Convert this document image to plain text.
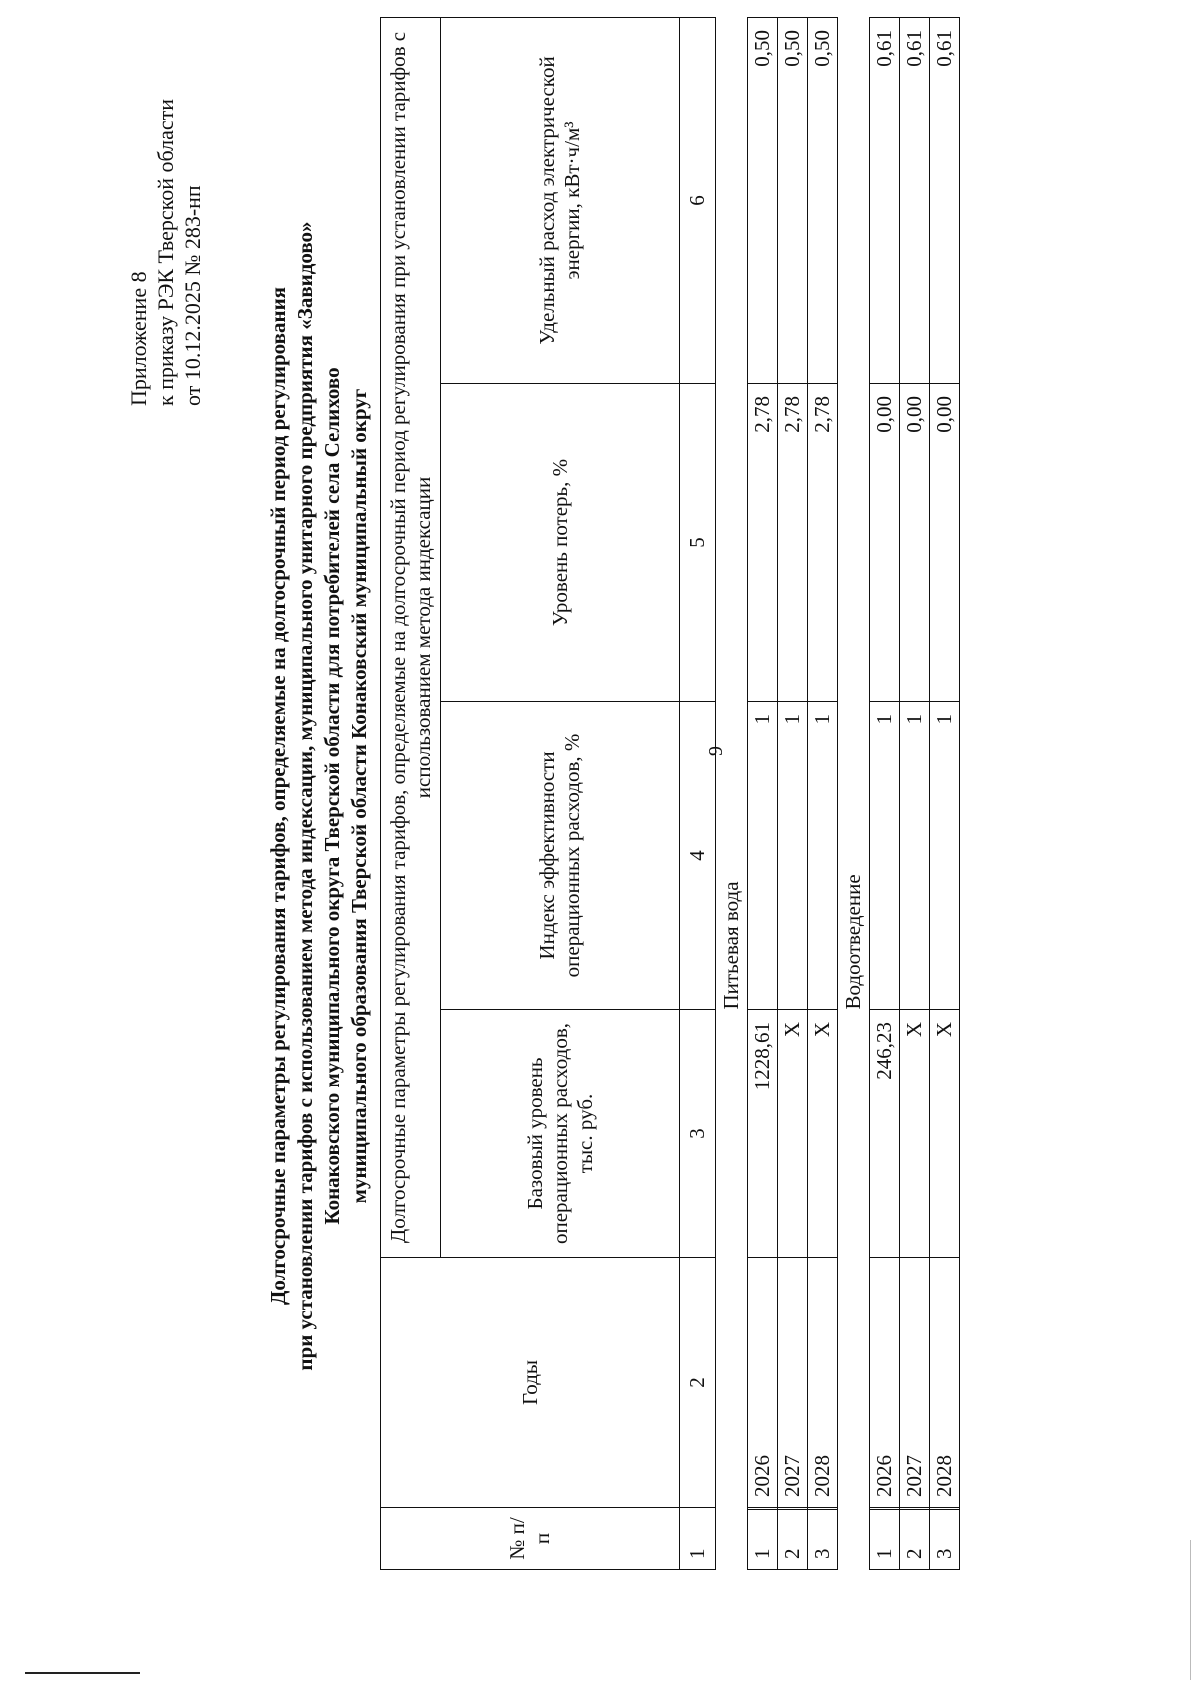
9
Приложение 8 к приказу РЭК Тверской области от 10.12.2025 № 283-нп	Долгосрочные параметры регулирования тарифов, определяемые на долгосрочный период регулирования при установлении тарифов с использованием метода индексации, муниципального унитарного предприятия «Завидово» Конаковского муниципального округа Тверской области для потребителей села Селихово муниципального образования Тверской области Конаковский муниципальный округ
№ п/п		Годы	Долгосрочные параметры регулирования тарифов, определяемые на долгосрочный период регулирования при установлении тарифов с использованием метода индексации			
			Базовый уровень операционных расходов, тыс. руб.	Индекс эффективности операционных расходов, %	Уровень потерь, %	Удельный расход электрической энергии, кВт·ч/м³
1		2	3	4	5	6
				Питьевая вода		
1		2026	1228,61	1	2,78	0,50
2		2027	X	1	2,78	0,50
3		2028	X	1	2,78	0,50
				Водоотведение		
1		2026	246,23	1	0,00	0,61
2		2027	X	1	0,00	0,61
3		2028	X	1	0,00	0,61
